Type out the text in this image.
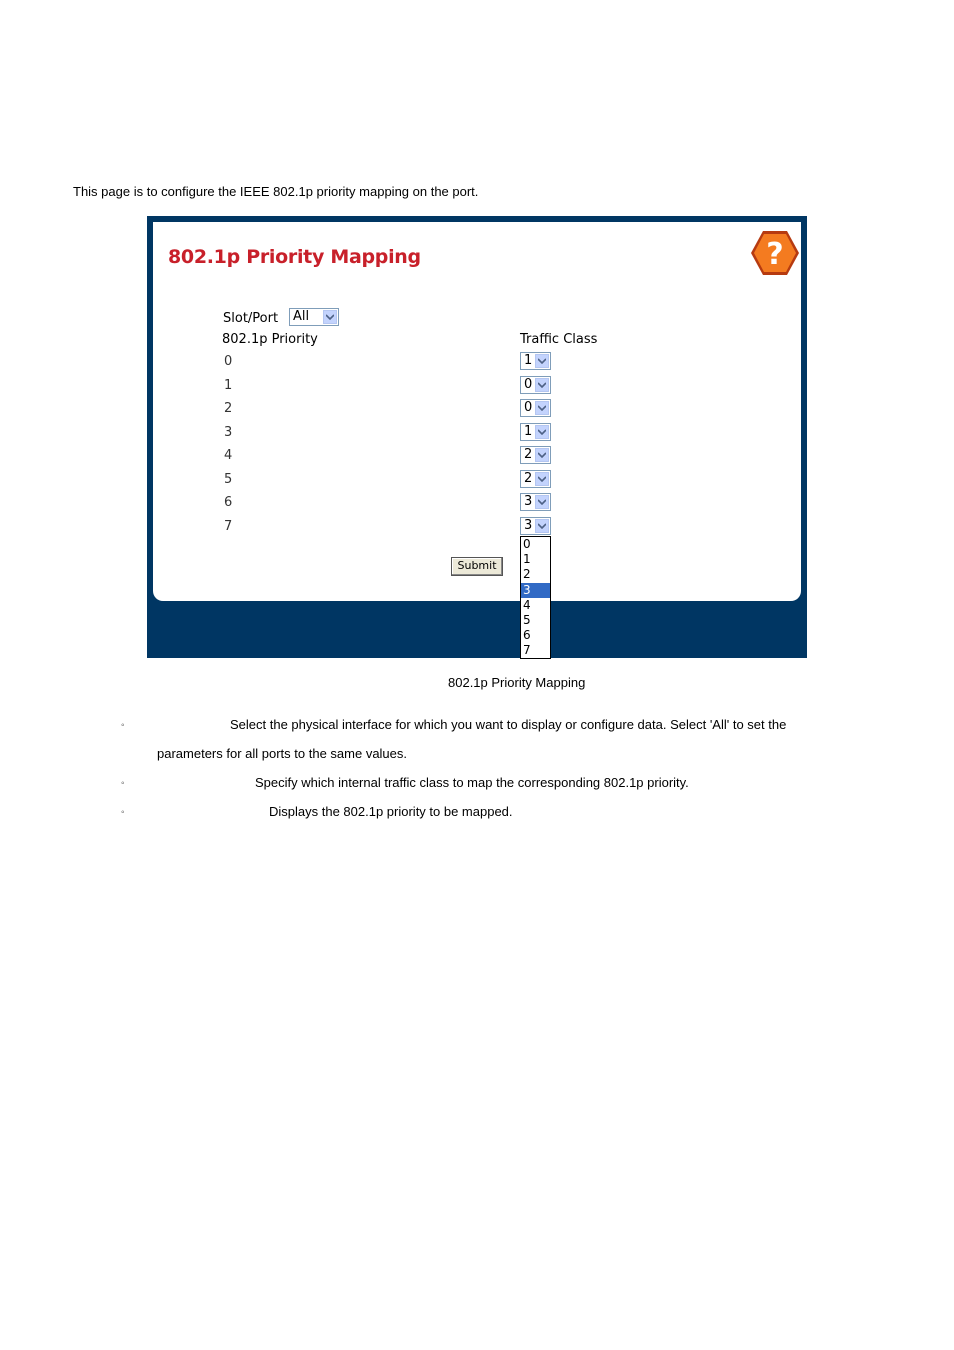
This page is to configure the IEEE 802.1p priority mapping on the port.
802.1p Priority Mapping	?
Slot/Port All
802.1p Priority	Traffic Class
0	1
1	0
2	0
3	1
4	2
5	2
6	3
7	3
Submit
0
1
2
3
4
5
6
7
802.1p Priority Mapping
◦	Select the physical interface for which you want to display or configure data. Select 'All' to set the
parameters for all ports to the same values.
◦	Specify which internal traffic class to map the corresponding 802.1p priority.
◦	Displays the 802.1p priority to be mapped.
